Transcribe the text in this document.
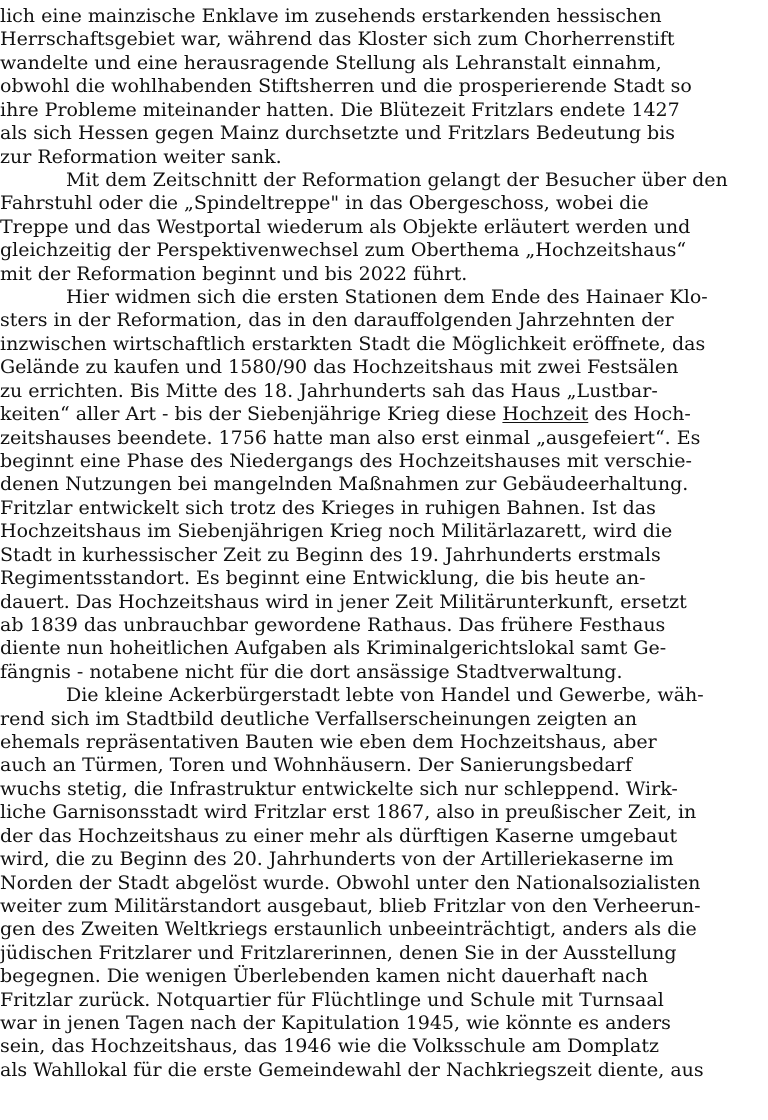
lich eine mainzische Enklave im zusehends erstarkenden hessischen
Herrschaftsgebiet war, während das Kloster sich zum Chorherrenstift
wandelte und eine herausragende Stellung als Lehranstalt einnahm,
obwohl die wohlhabenden Stiftsherren und die prosperierende Stadt so
ihre Probleme miteinander hatten. Die Blütezeit Fritzlars endete 1427
als sich Hessen gegen Mainz durchsetzte und Fritzlars Bedeutung bis
zur Reformation weiter sank.
Mit dem Zeitschnitt der Reformation gelangt der Besucher über den
Fahrstuhl oder die „Spindeltreppe" in das Obergeschoss, wobei die
Treppe und das Westportal wiederum als Objekte erläutert werden und
gleichzeitig der Perspektivenwechsel zum Oberthema „Hochzeitshaus“
mit der Reformation beginnt und bis 2022 führt.
Hier widmen sich die ersten Stationen dem Ende des Hainaer Klo-
sters in der Reformation, das in den darauffolgenden Jahrzehnten der
inzwischen wirtschaftlich erstarkten Stadt die Möglichkeit eröffnete, das
Gelände zu kaufen und 1580/90 das Hochzeitshaus mit zwei Festsälen
zu errichten. Bis Mitte des 18. Jahrhunderts sah das Haus „Lustbar-
keiten“ aller Art - bis der Siebenjährige Krieg diese Hochzeit des Hoch-
zeitshauses beendete. 1756 hatte man also erst einmal „ausgefeiert“. Es
beginnt eine Phase des Niedergangs des Hochzeitshauses mit verschie-
denen Nutzungen bei mangelnden Maßnahmen zur Gebäudeerhaltung.
Fritzlar entwickelt sich trotz des Krieges in ruhigen Bahnen. Ist das
Hochzeitshaus im Siebenjährigen Krieg noch Militärlazarett, wird die
Stadt in kurhessischer Zeit zu Beginn des 19. Jahrhunderts erstmals
Regimentsstandort. Es beginnt eine Entwicklung, die bis heute an-
dauert. Das Hochzeitshaus wird in jener Zeit Militärunterkunft, ersetzt
ab 1839 das unbrauchbar gewordene Rathaus. Das frühere Festhaus
diente nun hoheitlichen Aufgaben als Kriminalgerichtslokal samt Ge-
fängnis - notabene nicht für die dort ansässige Stadtverwaltung.
Die kleine Ackerbürgerstadt lebte von Handel und Gewerbe, wäh-
rend sich im Stadtbild deutliche Verfallserscheinungen zeigten an
ehemals repräsentativen Bauten wie eben dem Hochzeitshaus, aber
auch an Türmen, Toren und Wohnhäusern. Der Sanierungsbedarf
wuchs stetig, die Infrastruktur entwickelte sich nur schleppend. Wirk-
liche Garnisonsstadt wird Fritzlar erst 1867, also in preußischer Zeit, in
der das Hochzeitshaus zu einer mehr als dürftigen Kaserne umgebaut
wird, die zu Beginn des 20. Jahrhunderts von der Artilleriekaserne im
Norden der Stadt abgelöst wurde. Obwohl unter den Nationalsozialisten
weiter zum Militärstandort ausgebaut, blieb Fritzlar von den Verheerun-
gen des Zweiten Weltkriegs erstaunlich unbeeinträchtigt, anders als die
jüdischen Fritzlarer und Fritzlarerinnen, denen Sie in der Ausstellung
begegnen. Die wenigen Überlebenden kamen nicht dauerhaft nach
Fritzlar zurück. Notquartier für Flüchtlinge und Schule mit Turnsaal
war in jenen Tagen nach der Kapitulation 1945, wie könnte es anders
sein, das Hochzeitshaus, das 1946 wie die Volksschule am Domplatz
als Wahllokal für die erste Gemeindewahl der Nachkriegszeit diente, aus
